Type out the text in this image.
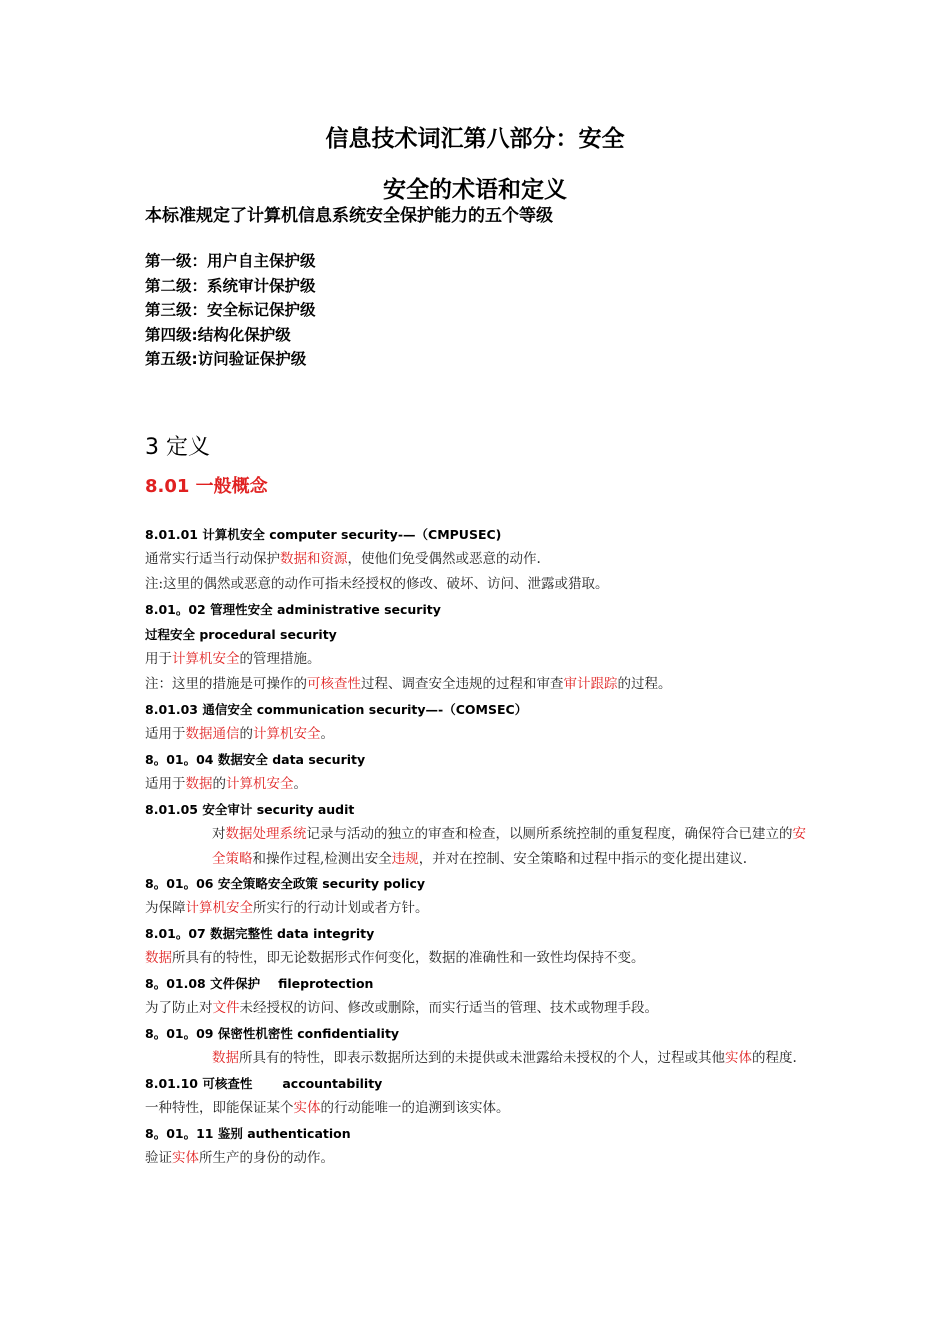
信息技术词汇第八部分：安全
安全的术语和定义
本标准规定了计算机信息系统安全保护能力的五个等级
第一级：用户自主保护级
第二级：系统审计保护级
第三级：安全标记保护级
第四级:结构化保护级
第五级:访问验证保护级
3 定义
8.01 一般概念
8.01.01 计算机安全 computer security-—（CMPUSEC)
通常实行适当行动保护数据和资源，使他们免受偶然或恶意的动作.
注:这里的偶然或恶意的动作可指未经授权的修改、破坏、访问、泄露或猎取。
8.01。02 管理性安全 administrative security
过程安全 procedural security
用于计算机安全的管理措施。
注：这里的措施是可操作的可核查性过程、调查安全违规的过程和审查审计跟踪的过程。
8.01.03 通信安全 communication security—-（COMSEC）
适用于数据通信的计算机安全。
8。01。04 数据安全 data security
适用于数据的计算机安全。
8.01.05 安全审计 security audit
对数据处理系统记录与活动的独立的审查和检查，以厕所系统控制的重复程度，确保符合已建立的安全策略和操作过程,检测出安全违规，并对在控制、安全策略和过程中指示的变化提出建议.
8。01。06 安全策略安全政策 security policy
为保障计算机安全所实行的行动计划或者方针。
8.01。07 数据完整性 data integrity
数据所具有的特性，即无论数据形式作何变化，数据的准确性和一致性均保持不变。
8。01.08 文件保护 fileprotection
为了防止对文件未经授权的访问、修改或删除，而实行适当的管理、技术或物理手段。
8。01。09 保密性机密性 confidentiality
数据所具有的特性，即表示数据所达到的未提供或未泄露给未授权的个人，过程或其他实体的程度.
8.01.10 可核查性 accountability
一种特性，即能保证某个实体的行动能唯一的追溯到该实体。
8。01。11 鉴别 authentication
验证实体所生产的身份的动作。
